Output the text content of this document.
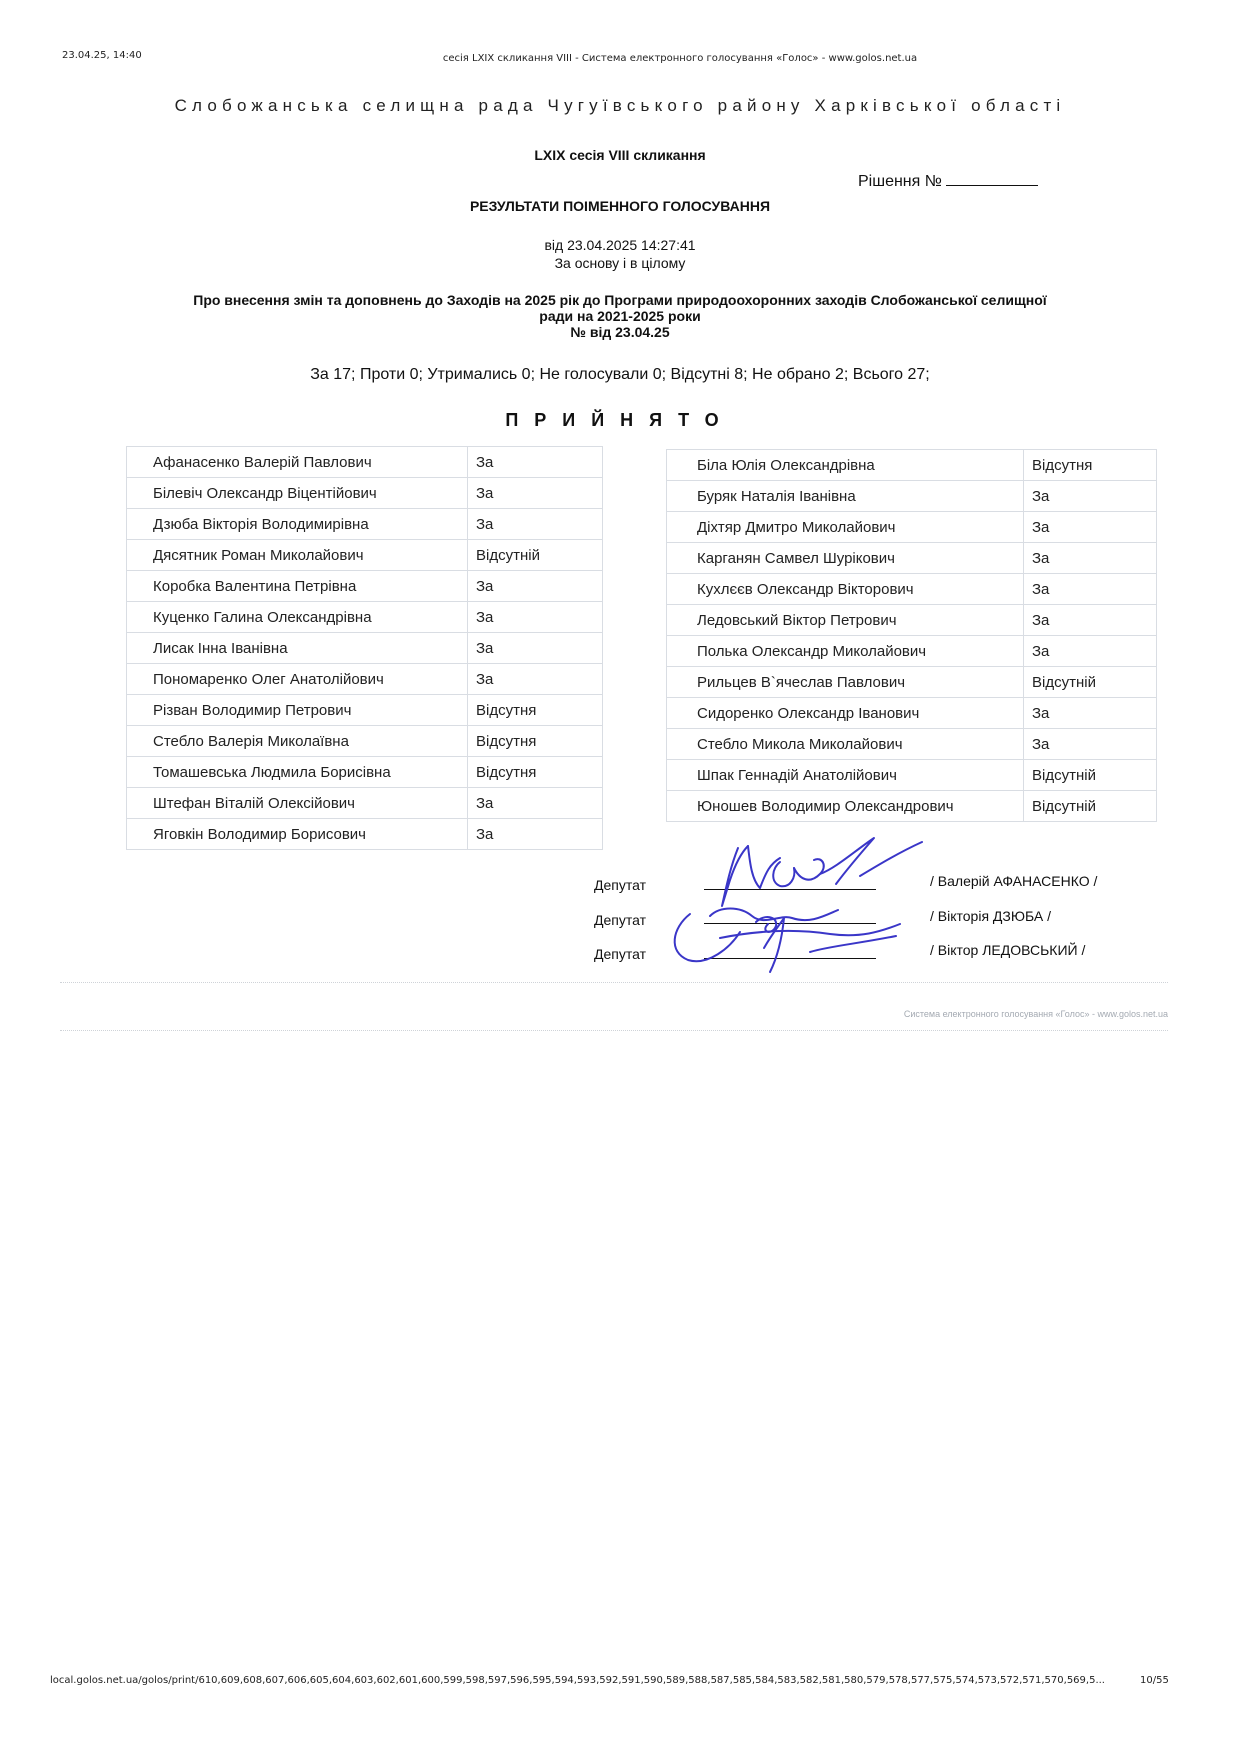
23.04.25, 14:40	сесія LXIX скликання VIII - Система електронного голосування «Голос» - www.golos.net.ua
Слобожанська селищна рада Чугуївського району Харківської області
LXIX сесія VIII скликання
Рішення №
РЕЗУЛЬТАТИ ПОІМЕННОГО ГОЛОСУВАННЯ
від 23.04.2025 14:27:41
За основу і в цілому
Про внесення змін та доповнень до Заходів на 2025 рік до Програми природоохоронних заходів Слобожанської селищної
ради на 2021-2025 роки
№ від 23.04.25
За 17; Проти 0; Утримались 0; Не голосували 0; Відсутні 8; Не обрано 2; Всього 27;
ПРИЙНЯТО
Афанасенко Валерій Павлович	За
Білевіч Олександр Віцентійович	За
Дзюба Вікторія Володимирівна	За
Дясятник Роман Миколайович	Відсутній
Коробка Валентина Петрівна	За
Куценко Галина Олександрівна	За
Лисак Інна Іванівна	За
Пономаренко Олег Анатолійович	За
Різван Володимир Петрович	Відсутня
Стебло Валерія Миколаївна	Відсутня
Томашевська Людмила Борисівна	Відсутня
Штефан Віталій Олексійович	За
Яговкін Володимир Борисович	За
Біла Юлія Олександрівна	Відсутня
Буряк Наталія Іванівна	За
Діхтяр Дмитро Миколайович	За
Карганян Самвел Шурікович	За
Кухлєєв Олександр Вікторович	За
Ледовський Віктор Петрович	За
Полька Олександр Миколайович	За
Рильцев В`ячеслав Павлович	Відсутній
Сидоренко Олександр Іванович	За
Стебло Микола Миколайович	За
Шпак Геннадій Анатолійович	Відсутній
Юношев Володимир Олександрович	Відсутній
Депутат	/ Валерій АФАНАСЕНКО /
Депутат	/ Вікторія ДЗЮБА /
Депутат	/ Віктор ЛЕДОВСЬКИЙ /
Система електронного голосування «Голос» - www.golos.net.ua
local.golos.net.ua/golos/print/610,609,608,607,606,605,604,603,602,601,600,599,598,597,596,595,594,593,592,591,590,589,588,587,585,584,583,582,581,580,579,578,577,575,574,573,572,571,570,569,5...	10/55
